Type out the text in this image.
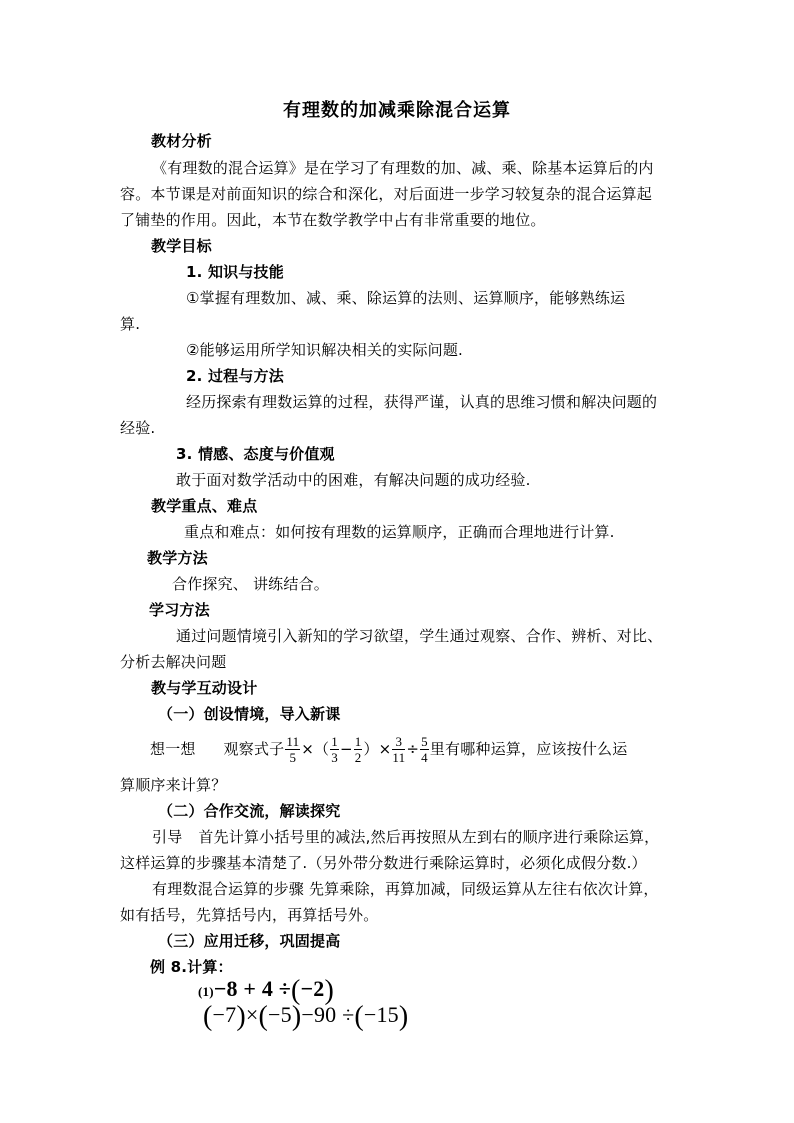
有理数的加减乘除混合运算
教材分析
《有理数的混合运算》是在学习了有理数的加、减、乘、除基本运算后的内
容。本节课是对前面知识的综合和深化，对后面进一步学习较复杂的混合运算起
了铺垫的作用。因此，本节在数学教学中占有非常重要的地位。
教学目标
1. 知识与技能
①掌握有理数加、减、乘、除运算的法则、运算顺序，能够熟练运
算.
②能够运用所学知识解决相关的实际问题.
2. 过程与方法
经历探索有理数运算的过程，获得严谨，认真的思维习惯和解决问题的
经验.
3. 情感、态度与价值观
敢于面对数学活动中的困难，有解决问题的成功经验.
教学重点、难点
重点和难点：如何按有理数的运算顺序，正确而合理地进行计算.
教学方法
合作探究、 讲练结合。
学习方法
通过问题情境引入新知的学习欲望，学生通过观察、合作、辨析、对比、
分析去解决问题
教与学互动设计
（一）创设情境，导入新课
想一想 观察式子 $\frac{11}{5}$ ×（ $\frac{1}{3} - \frac{1}{2}$ ）× $\frac{3}{11} \div \frac{5}{4}$ 里有哪种运算，应该按什么运
算顺序来计算？
（二）合作交流，解读探究
引导 首先计算小括号里的减法,然后再按照从左到右的顺序进行乘除运算，
这样运算的步骤基本清楚了.（另外带分数进行乘除运算时，必须化成假分数.）
有理数混合运算的步骤 先算乘除，再算加减，同级运算从左往右依次计算，
如有括号，先算括号内，再算括号外。
（三）应用迁移，巩固提高
例 8.计算：
(1)−8 + 4 ÷(−2)
(−7)×(−5)−90 ÷(−15)
